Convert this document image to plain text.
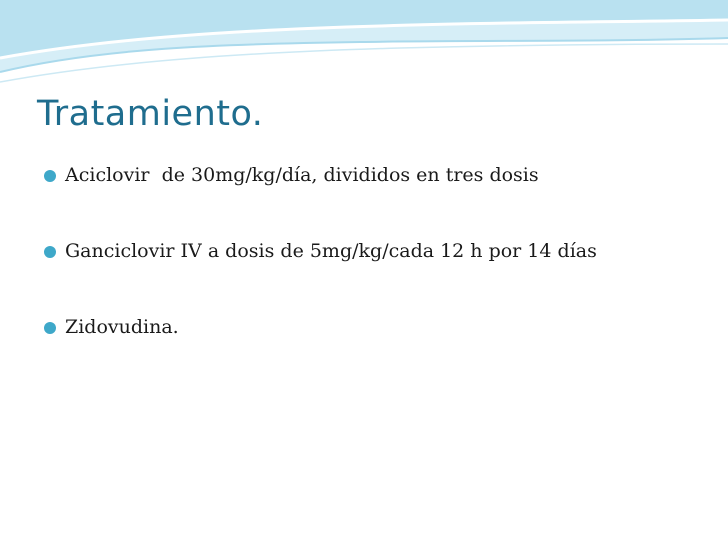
Tratamiento.
Aciclovir  de 30mg/kg/día, divididos en tres dosis
Ganciclovir IV a dosis de 5mg/kg/cada 12 h por 14 días
Zidovudina.
